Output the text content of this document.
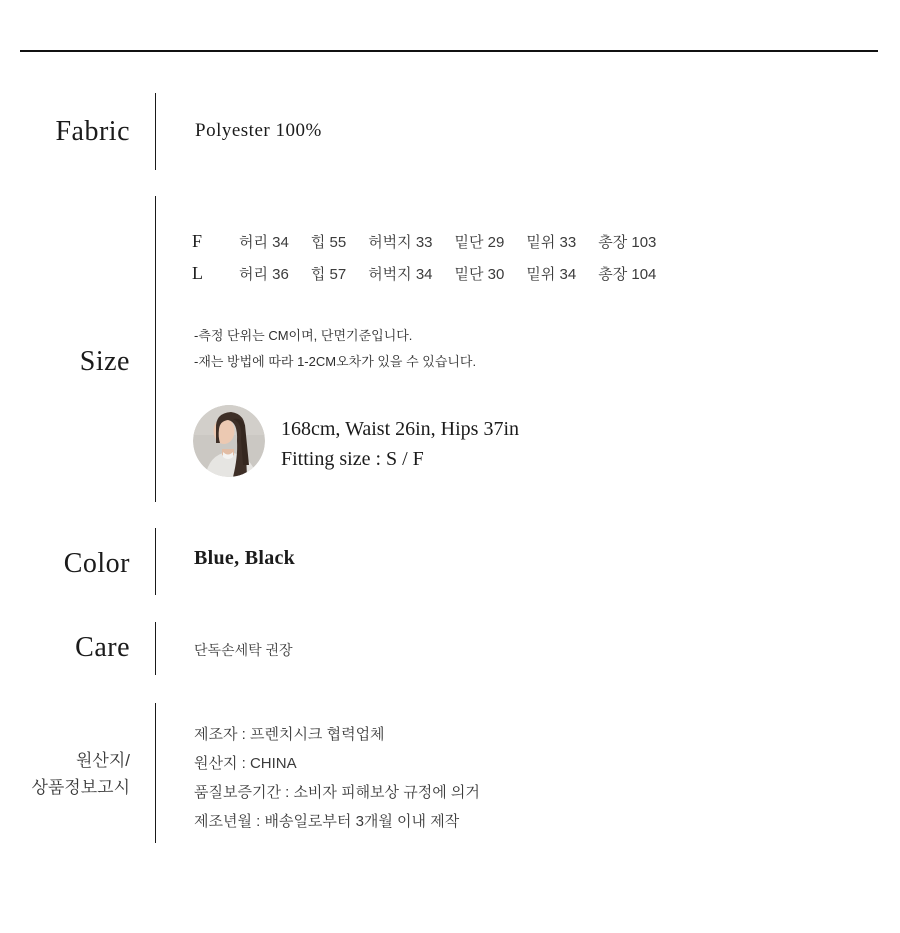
Fabric	Polyester 100%
Size
F	허리 34 힙 55 허벅지 33 밑단 29 밑위 33 총장 103
L	허리 36 힙 57 허벅지 34 밑단 30 밑위 34 총장 104
-측정 단위는 CM이며, 단면기준입니다.
-재는 방법에 따라 1-2CM오차가 있을 수 있습니다.
168cm, Waist 26in, Hips 37in
Fitting size : S / F
Color	Blue, Black
Care	단독손세탁 권장
원산지/
상품정보고시
제조자 : 프렌치시크 협력업체
원산지 : CHINA
품질보증기간 : 소비자 피해보상 규정에 의거
제조년월 : 배송일로부터 3개월 이내 제작
